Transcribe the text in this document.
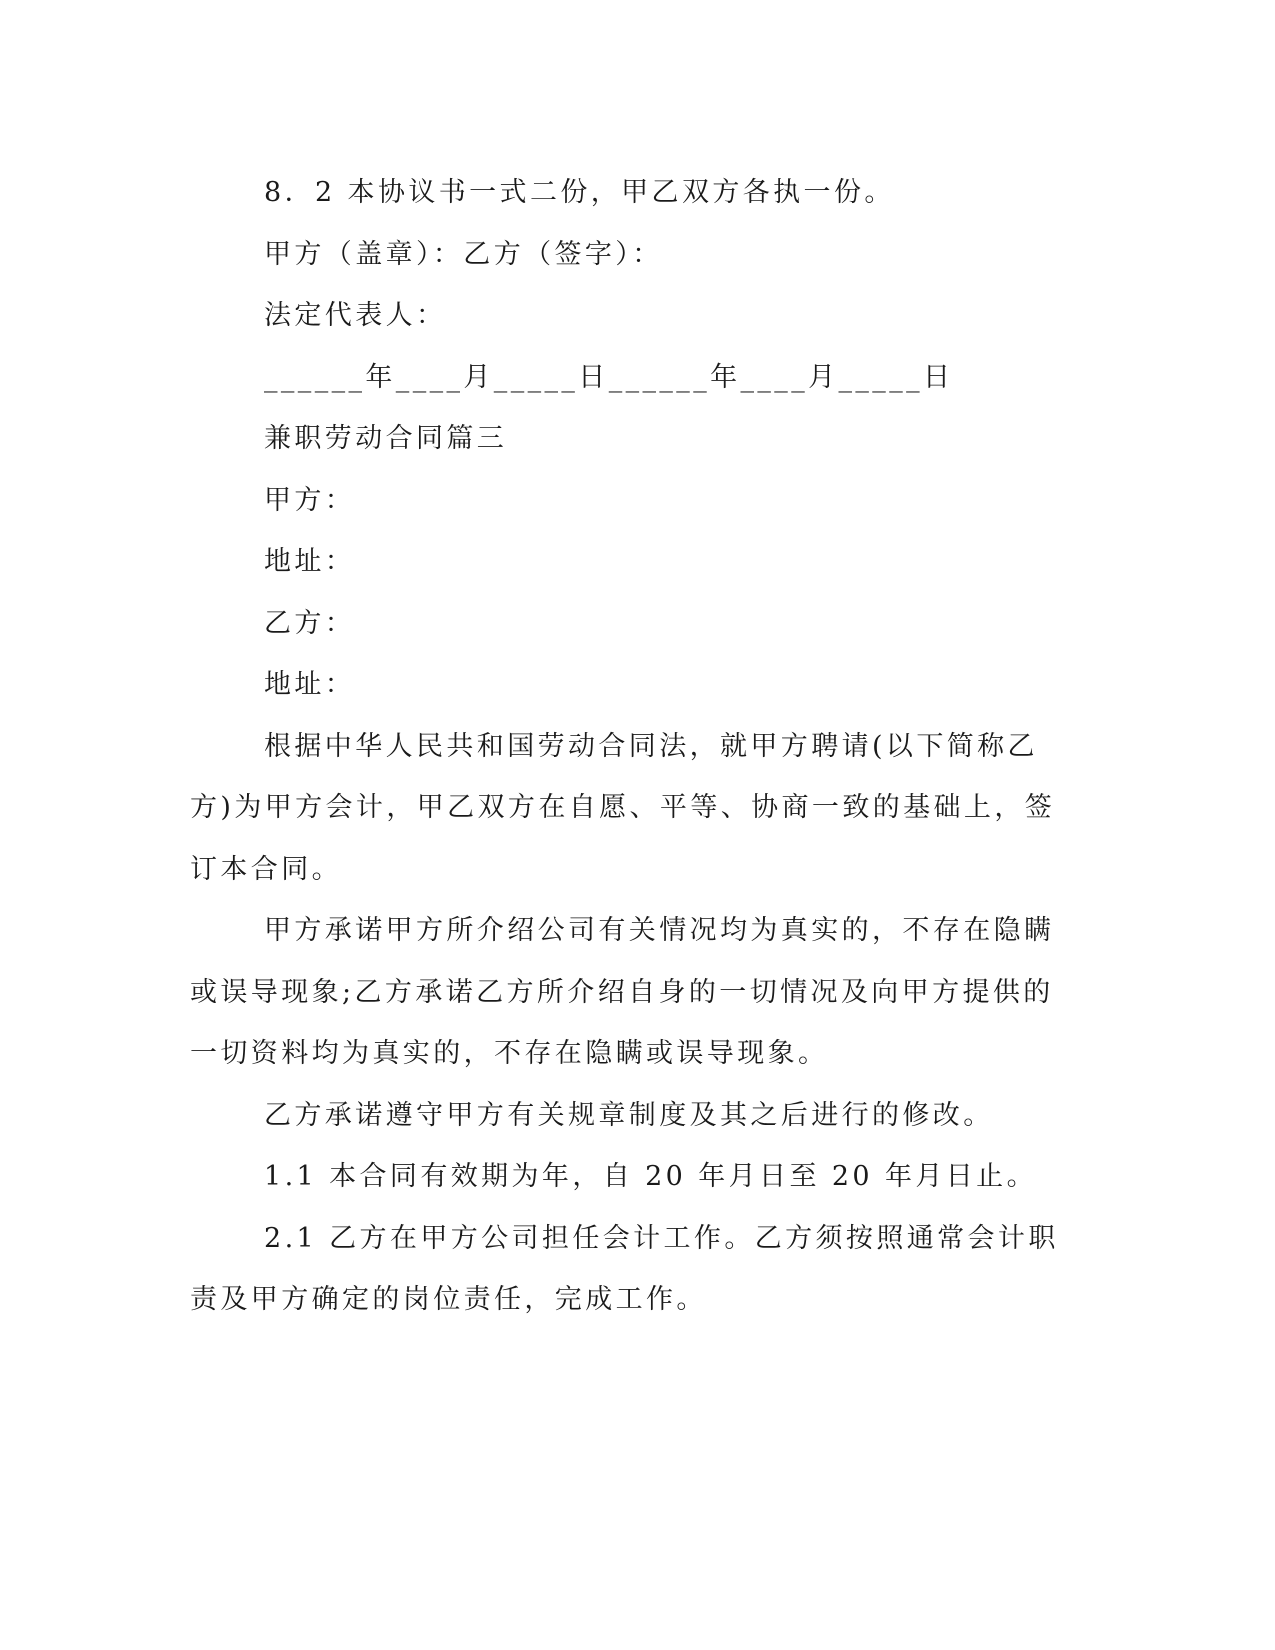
8．2 本协议书一式二份，甲乙双方各执一份。

甲方（盖章）：乙方（签字）：

法定代表人：

______年____月_____日______年____月_____日

兼职劳动合同篇三

甲方：

地址：

乙方：

地址：

根据中华人民共和国劳动合同法，就甲方聘请(以下简称乙方)为甲方会计，甲乙双方在自愿、平等、协商一致的基础上，签订本合同。

甲方承诺甲方所介绍公司有关情况均为真实的，不存在隐瞒或误导现象;乙方承诺乙方所介绍自身的一切情况及向甲方提供的一切资料均为真实的，不存在隐瞒或误导现象。

乙方承诺遵守甲方有关规章制度及其之后进行的修改。

1.1 本合同有效期为年，自 20 年月日至 20 年月日止。

2.1 乙方在甲方公司担任会计工作。乙方须按照通常会计职责及甲方确定的岗位责任，完成工作。
